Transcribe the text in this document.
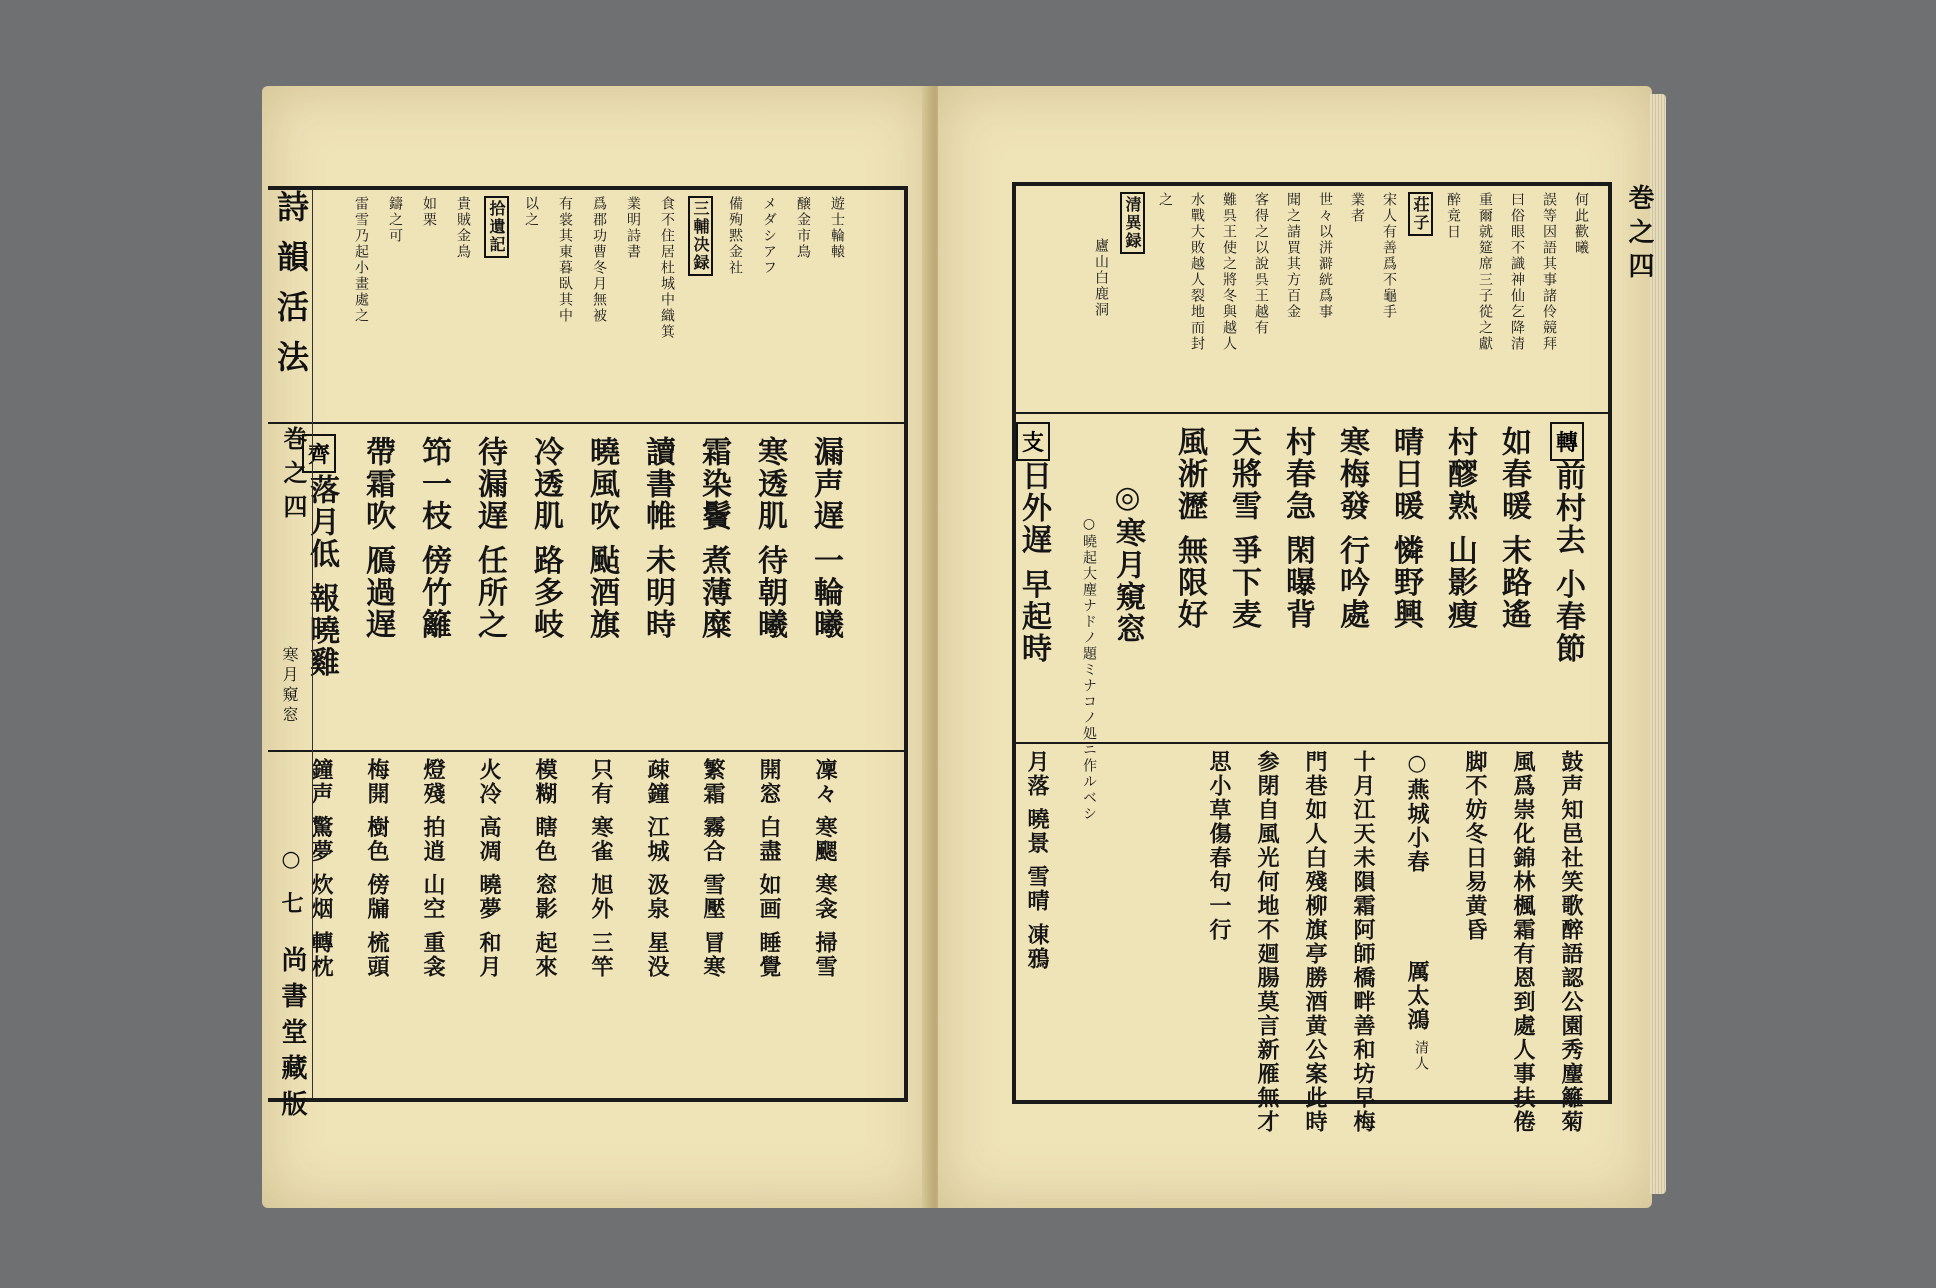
遊士輪轅
醸金市鳥
メダシアフ
備殉黙金社
三輔决録
食不住居杜城中織箕
業明詩書
爲郡功曹冬月無被
有裳其東暮臥其中
以之
拾遺記
貴賊金鳥
如栗
鑄之可
雷雪乃起小畫處之
漏声遅 一輪曦
寒透肌 待朝曦
霜染鬢 煮薄糜
讀書帷 未明時
曉風吹 颭酒旗
冷透肌 路多岐
待漏遅 任所之
笻一枝 傍竹籬
帶霜吹 鴈過遅
落月低 報曉雞
齊
凜々 寒颸 寒衾 掃雪
開窓 白盡 如画 睡覺
繁霜 霧合 雪壓 冒寒
疎鐘 江城 汲泉 星没
只有 寒雀 旭外 三竿
模糊 瞎色 窓影 起來
火冷 高凋 曉夢 和月
燈殘 拍逍 山空 重衾
梅開 樹色 傍牖 梳頭
鐘声 驚夢 炊烟 轉枕
詩韻活法
巻之四
寒月窺窓
○ 七
尚書堂藏版
何此歡曦
誤等因語其事諸伶競拜
曰俗眼不識神仙乞降清
重爾就筵席三子從之獻
醉竟日
荘子
宋人有善爲不龜手
業者
世々以洴澼絖爲事
聞之請買其方百金
客得之以說呉王越有
難呉王使之將冬與越人
水戰大敗越人裂地而封
之
清異録
廬山白鹿洞
轉
前村去 小春節
如春暖 末路遙
村醪熟 山影瘦
晴日暖 憐野興
寒梅發 行吟處
村春急 閑曝背
天將雪 爭下麦
風淅瀝 無限好
◎寒月窺窓
○曉起大麈ナドノ題ミナコノ処ニ作ルベシ
支
日外遅 早起時
鼓声知邑社笑歌醉語認公園秀麈籬菊
風爲崇化錦林楓霜有恩到處人事扶倦
脚不妨冬日易黄昏
○燕城小春
厲太鴻
清人
十月江天未隕霜阿師橋畔善和坊早梅
門巷如人白殘柳旗亭勝酒黄公案此時
参閉自風光何地不廻腸莫言新雁無才
思小草傷春句一行
月落 曉景 雪晴 凍鴉
巻之四
